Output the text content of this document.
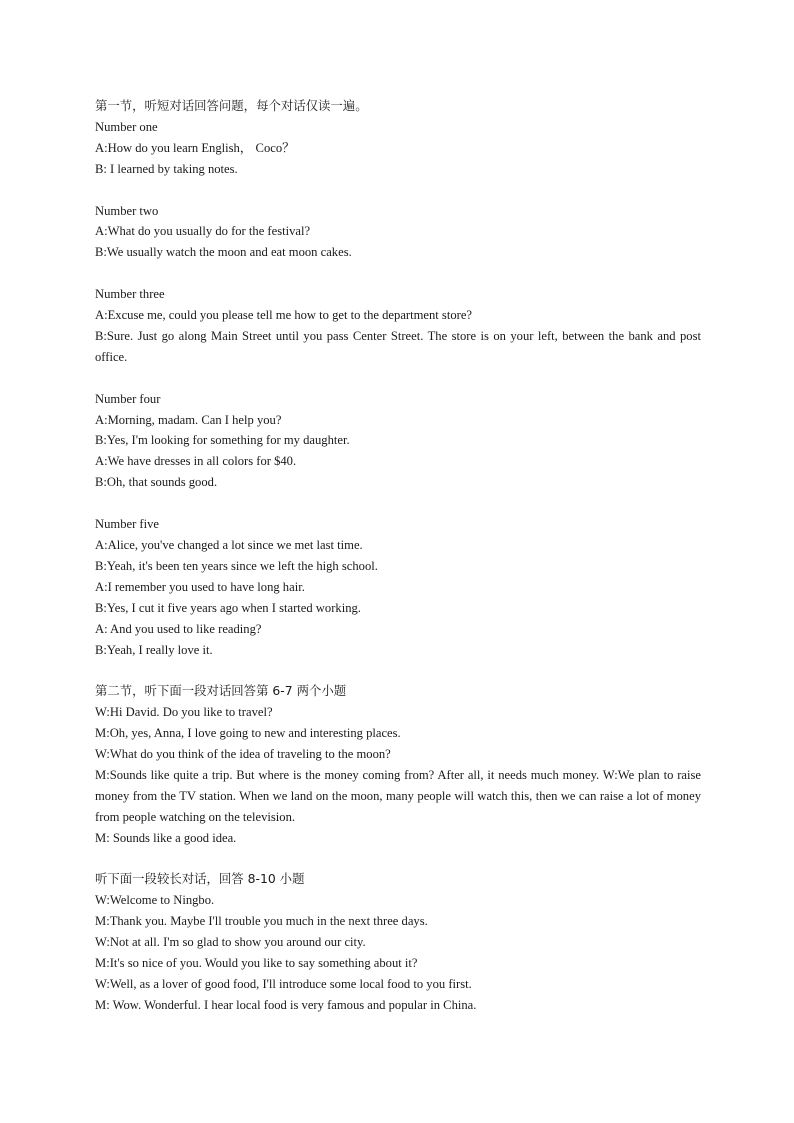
第一节，听短对话回答问题，每个对话仅读一遍。
Number one
A:How do you learn English， Coco？
B: I learned by taking notes.
Number two
A:What do you usually do for the festival?
B:We usually watch the moon and eat moon cakes.
Number three
A:Excuse me, could you please tell me how to get to the department store?
B:Sure. Just go along Main Street until you pass Center Street. The store is on your left, between the bank and post office.
Number four
A:Morning, madam. Can I help you?
B:Yes, I'm looking for something for my daughter.
A:We have dresses in all colors for $40.
B:Oh, that sounds good.
Number five
A:Alice, you've changed a lot since we met last time.
B:Yeah, it's been ten years since we left the high school.
A:I remember you used to have long hair.
B:Yes, I cut it five years ago when I started working.
A: And you used to like reading?
B:Yeah, I really love it.
第二节，听下面一段对话回答第 6-7 两个小题
W:Hi David. Do you like to travel?
M:Oh, yes, Anna, I love going to new and interesting places.
W:What do you think of the idea of traveling to the moon?
M:Sounds like quite a trip. But where is the money coming from? After all, it needs much money. W:We plan to raise money from the TV station. When we land on the moon, many people will watch this, then we can raise a lot of money from people watching on the television.
M: Sounds like a good idea.
听下面一段较长对话，回答 8-10 小题
W:Welcome to Ningbo.
M:Thank you. Maybe I'll trouble you much in the next three days.
W:Not at all. I'm so glad to show you around our city.
M:It's so nice of you. Would you like to say something about it?
W:Well, as a lover of good food, I'll introduce some local food to you first.
M: Wow. Wonderful. I hear local food is very famous and popular in China.
